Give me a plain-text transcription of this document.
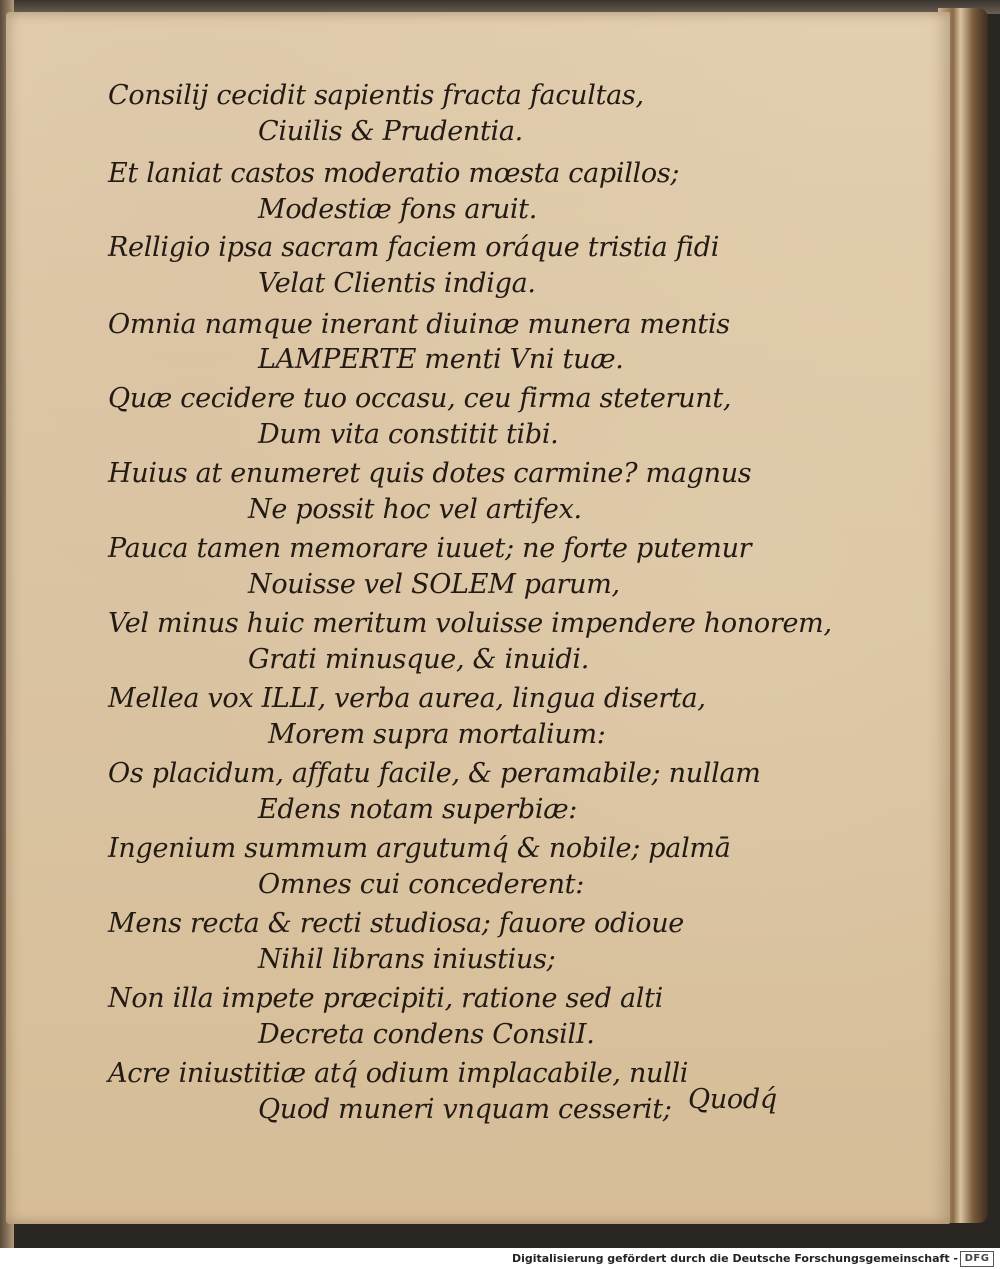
Consilij cecidit sapientis fracta facultas,
Ciuilis & Prudentia.
Et laniat castos moderatio mœsta capillos;
Modestiæ fons aruit.
Relligio ipsa sacram faciem oráque tristia fidi
Velat Clientis indiga.
Omnia namque inerant diuinæ munera mentis
LAMPERTE menti Vni tuæ.
Quæ cecidere tuo occasu, ceu firma steterunt,
Dum vita constitit tibi.
Huius at enumeret quis dotes carmine? magnus
Ne possit hoc vel artifex.
Pauca tamen memorare iuuet; ne forte putemur
Nouisse vel SOLEM parum,
Vel minus huic meritum voluisse impendere honorem,
Grati minusque, & inuidi.
Mellea vox ILLI, verba aurea, lingua diserta,
Morem supra mortalium:
Os placidum, affatu facile, & peramabile; nullam
Edens notam superbiæ:
Ingenium summum argutumq́ & nobile; palmā
Omnes cui concederent:
Mens recta & recti studiosa; fauore odioue
Nihil librans iniustius;
Non illa impete præcipiti, ratione sed alti
Decreta condens ConsilI.
Acre iniustitiæ atq́ odium implacabile, nulli
Quod muneri vnquam cesserit; Quodq́
Digitalisierung gefördert durch die Deutsche Forschungsgemeinschaft - DFG
